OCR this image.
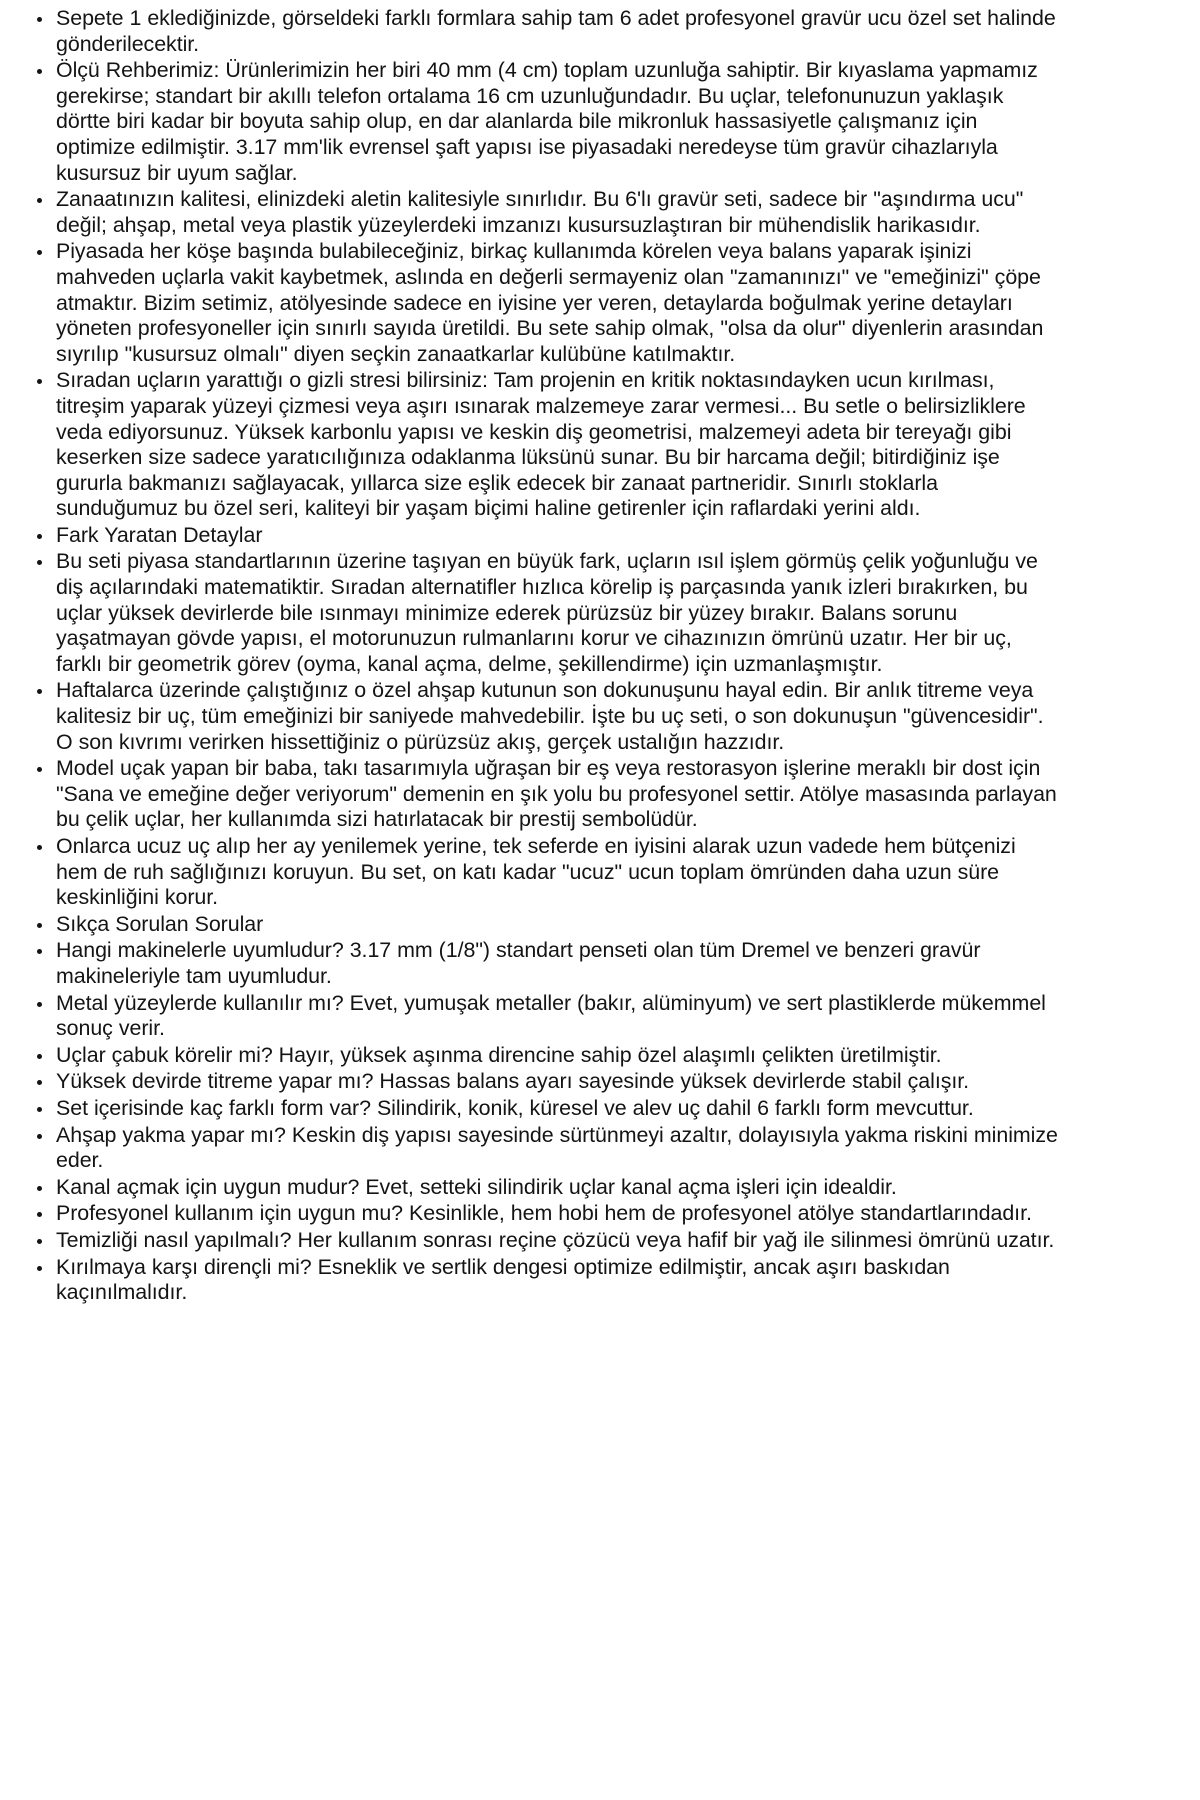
Sepete 1 eklediğinizde, görseldeki farklı formlara sahip tam 6 adet profesyonel gravür ucu özel set halinde gönderilecektir.
Ölçü Rehberimiz: Ürünlerimizin her biri 40 mm (4 cm) toplam uzunluğa sahiptir. Bir kıyaslama yapmamız gerekirse; standart bir akıllı telefon ortalama 16 cm uzunluğundadır. Bu uçlar, telefonunuzun yaklaşık dörtte biri kadar bir boyuta sahip olup, en dar alanlarda bile mikronluk hassasiyetle çalışmanız için optimize edilmiştir. 3.17 mm'lik evrensel şaft yapısı ise piyasadaki neredeyse tüm gravür cihazlarıyla kusursuz bir uyum sağlar.
Zanaatınızın kalitesi, elinizdeki aletin kalitesiyle sınırlıdır. Bu 6'lı gravür seti, sadece bir "aşındırma ucu" değil; ahşap, metal veya plastik yüzeylerdeki imzanızı kusursuzlaştıran bir mühendislik harikasıdır.
Piyasada her köşe başında bulabileceğiniz, birkaç kullanımda körelen veya balans yaparak işinizi mahveden uçlarla vakit kaybetmek, aslında en değerli sermayeniz olan "zamanınızı" ve "emeğinizi" çöpe atmaktır. Bizim setimiz, atölyesinde sadece en iyisine yer veren, detaylarda boğulmak yerine detayları yöneten profesyoneller için sınırlı sayıda üretildi. Bu sete sahip olmak, "olsa da olur" diyenlerin arasından sıyrılıp "kusursuz olmalı" diyen seçkin zanaatkarlar kulübüne katılmaktır.
Sıradan uçların yarattığı o gizli stresi bilirsiniz: Tam projenin en kritik noktasındayken ucun kırılması, titreşim yaparak yüzeyi çizmesi veya aşırı ısınarak malzemeye zarar vermesi... Bu setle o belirsizliklere veda ediyorsunuz. Yüksek karbonlu yapısı ve keskin diş geometrisi, malzemeyi adeta bir tereyağı gibi keserken size sadece yaratıcılığınıza odaklanma lüksünü sunar. Bu bir harcama değil; bitirdiğiniz işe gururla bakmanızı sağlayacak, yıllarca size eşlik edecek bir zanaat partneridir. Sınırlı stoklarla sunduğumuz bu özel seri, kaliteyi bir yaşam biçimi haline getirenler için raflardaki yerini aldı.
Fark Yaratan Detaylar
Bu seti piyasa standartlarının üzerine taşıyan en büyük fark, uçların ısıl işlem görmüş çelik yoğunluğu ve diş açılarındaki matematiktir. Sıradan alternatifler hızlıca körelip iş parçasında yanık izleri bırakırken, bu uçlar yüksek devirlerde bile ısınmayı minimize ederek pürüzsüz bir yüzey bırakır. Balans sorunu yaşatmayan gövde yapısı, el motorunuzun rulmanlarını korur ve cihazınızın ömrünü uzatır. Her bir uç, farklı bir geometrik görev (oyma, kanal açma, delme, şekillendirme) için uzmanlaşmıştır.
Haftalarca üzerinde çalıştığınız o özel ahşap kutunun son dokunuşunu hayal edin. Bir anlık titreme veya kalitesiz bir uç, tüm emeğinizi bir saniyede mahvedebilir. İşte bu uç seti, o son dokunuşun "güvencesidir". O son kıvrımı verirken hissettiğiniz o pürüzsüz akış, gerçek ustalığın hazzıdır.
Model uçak yapan bir baba, takı tasarımıyla uğraşan bir eş veya restorasyon işlerine meraklı bir dost için "Sana ve emeğine değer veriyorum" demenin en şık yolu bu profesyonel settir. Atölye masasında parlayan bu çelik uçlar, her kullanımda sizi hatırlatacak bir prestij sembolüdür.
Onlarca ucuz uç alıp her ay yenilemek yerine, tek seferde en iyisini alarak uzun vadede hem bütçenizi hem de ruh sağlığınızı koruyun. Bu set, on katı kadar "ucuz" ucun toplam ömründen daha uzun süre keskinliğini korur.
Sıkça Sorulan Sorular
Hangi makinelerle uyumludur? 3.17 mm (1/8") standart penseti olan tüm Dremel ve benzeri gravür makineleriyle tam uyumludur.
Metal yüzeylerde kullanılır mı? Evet, yumuşak metaller (bakır, alüminyum) ve sert plastiklerde mükemmel sonuç verir.
Uçlar çabuk körelir mi? Hayır, yüksek aşınma direncine sahip özel alaşımlı çelikten üretilmiştir.
Yüksek devirde titreme yapar mı? Hassas balans ayarı sayesinde yüksek devirlerde stabil çalışır.
Set içerisinde kaç farklı form var? Silindirik, konik, küresel ve alev uç dahil 6 farklı form mevcuttur.
Ahşap yakma yapar mı? Keskin diş yapısı sayesinde sürtünmeyi azaltır, dolayısıyla yakma riskini minimize eder.
Kanal açmak için uygun mudur? Evet, setteki silindirik uçlar kanal açma işleri için idealdir.
Profesyonel kullanım için uygun mu? Kesinlikle, hem hobi hem de profesyonel atölye standartlarındadır.
Temizliği nasıl yapılmalı? Her kullanım sonrası reçine çözücü veya hafif bir yağ ile silinmesi ömrünü uzatır.
Kırılmaya karşı dirençli mi? Esneklik ve sertlik dengesi optimize edilmiştir, ancak aşırı baskıdan kaçınılmalıdır.
